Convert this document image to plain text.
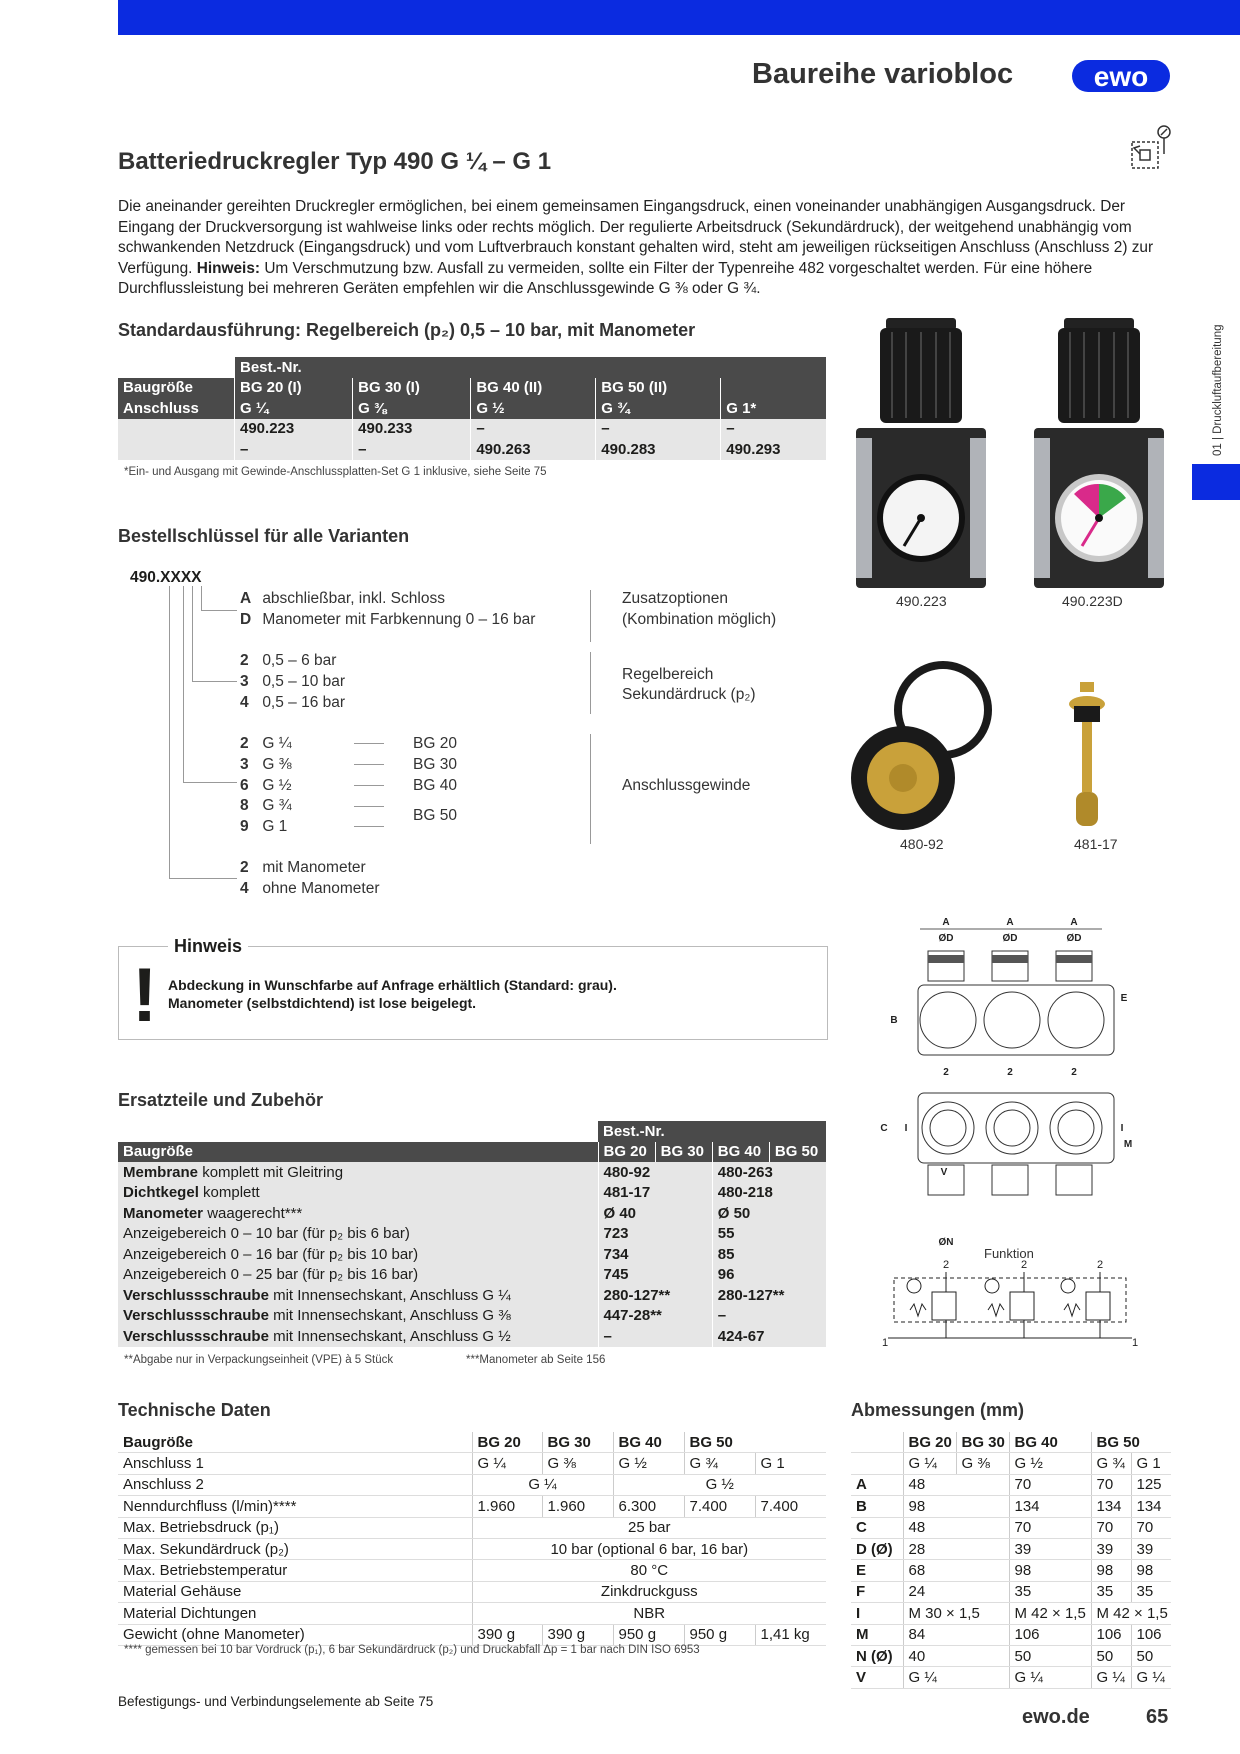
Baureihe variobloc	ewo
01 | Druckluftaufbereitung
Batteriedruckregler Typ 490 G ¼ – G 1
Die aneinander gereihten Druckregler ermöglichen, bei einem gemeinsamen Eingangsdruck, einen voneinander unabhängigen Ausgangsdruck. Der Eingang der Druckversorgung ist wahlweise links oder rechts möglich. Der regulierte Arbeitsdruck (Sekundärdruck), der weitgehend unabhängig vom schwankenden Netzdruck (Eingangsdruck) und vom Luftverbrauch konstant gehalten wird, steht am jeweiligen rückseitigen Anschluss (Anschluss 2) zur Verfügung. Hinweis: Um Verschmutzung bzw. Ausfall zu vermeiden, sollte ein Filter der Typenreihe 482 vorgeschaltet werden. Für eine höhere Durchflussleistung bei mehreren Geräten empfehlen wir die Anschlussgewinde G ⅜ oder G ¾.
Standardausführung: Regelbereich (p₂) 0,5 – 10 bar, mit Manometer
	Best.-Nr.				
Baugröße	BG 20 (I)	BG 30 (I)	BG 40 (II)	BG 50 (II)	
Anschluss	G ¼	G ⅜	G ½	G ¾	G 1*
	490.223	490.233	–	–	–
	–	–	490.263	490.283	490.293
*Ein- und Ausgang mit Gewinde-Anschlussplatten-Set G 1 inklusive, siehe Seite 75
Bestellschlüssel für alle Varianten
490.XXXX
A abschließbar, inkl. Schloss
D Manometer mit Farbkennung 0 – 16 bar
Zusatzoptionen
(Kombination möglich)
2 0,5 – 6 bar
3 0,5 – 10 bar
4 0,5 – 16 bar
Regelbereich
Sekundärdruck (p₂)
2 G ¼
3 G ⅜
6 G ½
8 G ¾
9 G 1
BG 20
BG 30
BG 40
BG 50
Anschlussgewinde
2 mit Manometer
4 ohne Manometer
Hinweis
! Abdeckung in Wunschfarbe auf Anfrage erhältlich (Standard: grau).
Manometer (selbstdichtend) ist lose beigelegt.
Ersatzteile und Zubehör
	Best.-Nr.			
Baugröße	BG 20	BG 30	BG 40	BG 50
Membrane komplett mit Gleitring	480-92		480-263	
Dichtkegel komplett	481-17		480-218	
Manometer waagerecht***	Ø 40		Ø 50	
Anzeigebereich 0 – 10 bar (für p₂ bis 6 bar)	723		55	
Anzeigebereich 0 – 16 bar (für p₂ bis 10 bar)	734		85	
Anzeigebereich 0 – 25 bar (für p₂ bis 16 bar)	745		96	
Verschlussschraube mit Innensechskant, Anschluss G ¼	280-127**		280-127**	
Verschlussschraube mit Innensechskant, Anschluss G ⅜	447-28**		–	
Verschlussschraube mit Innensechskant, Anschluss G ½	–		424-67	
**Abgabe nur in Verpackungseinheit (VPE) à 5 Stück	***Manometer ab Seite 156
Technische Daten
Baugröße	BG 20	BG 30	BG 40	BG 50	
Anschluss 1	G ¼	G ⅜	G ½	G ¾	G 1
Anschluss 2	G ¼		G ½		
Nenndurchfluss (l/min)****	1.960	1.960	6.300	7.400	7.400
Max. Betriebsdruck (p₁)	25 bar				
Max. Sekundärdruck (p₂)	10 bar (optional 6 bar, 16 bar)				
Max. Betriebstemperatur	80 °C				
Material Gehäuse	Zinkdruckguss				
Material Dichtungen	NBR				
Gewicht (ohne Manometer)	390 g	390 g	950 g	950 g	1,41 kg
**** gemessen bei 10 bar Vordruck (p₁), 6 bar Sekundärdruck (p₂) und Druckabfall Δp = 1 bar nach DIN ISO 6953
Abmessungen (mm)
	BG 20	BG 30	BG 40	BG 50	
	G ¼	G ⅜	G ½	G ¾	G 1
A	48		70	70	125
B	98		134	134	134
C	48		70	70	70
D (Ø)	28		39	39	39
E	68		98	98	98
F	24		35	35	35
I	M 30 × 1,5		M 42 × 1,5	M 42 × 1,5	
M	84		106	106	106
N (Ø)	40		50	50	50
V	G ¼		G ¼	G ¼	G ¼
490.223	490.223D
480-92	481-17
A	A	A
ØD	ØD	ØD
B
E
C I	I
M
V
ØN
2	2	2
Funktion
2	2	2
1	1
Befestigungs- und Verbindungselemente ab Seite 75
ewo.de	65
